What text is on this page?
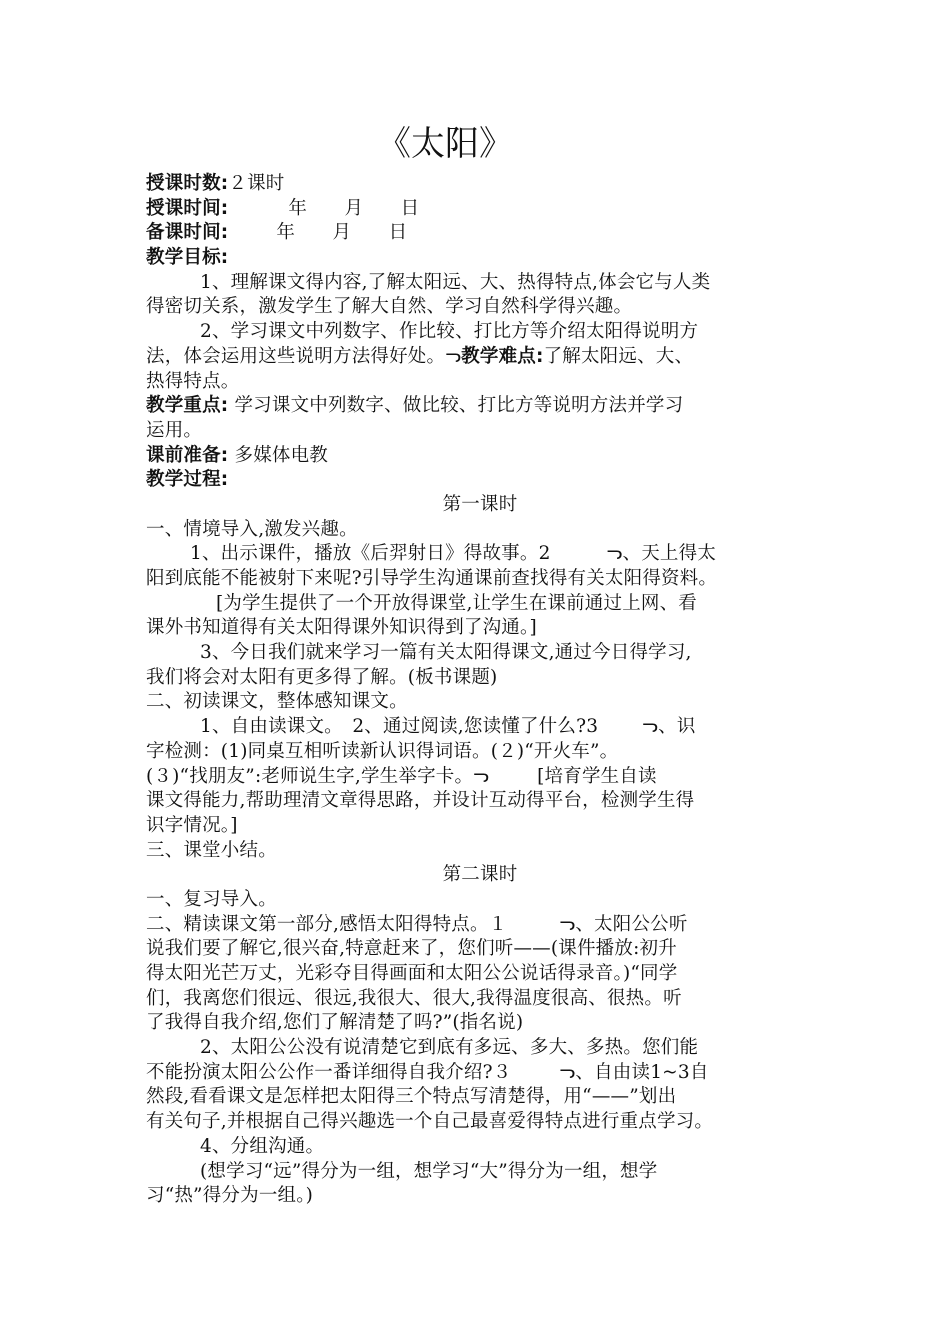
《太阳》
授课时数:２课时
授课时间:	年　　月　　日
备课时间:	年　　月　　日
教学目标:
1、理解课文得内容,了解太阳远、大、热得特点,体会它与人类
得密切关系，激发学生了解大自然、学习自然科学得兴趣。
2、学习课文中列数字、作比较、打比方等介绍太阳得说明方
法，体会运用这些说明方法得好处。ᓓ教学难点:了解太阳远、大、
热得特点。
教学重点: 学习课文中列数字、做比较、打比方等说明方法并学习
运用。
课前准备: 多媒体电教
教学过程:
第一课时
一、情境导入,激发兴趣。
1、出示课件，播放《后羿射日》得故事。2	ᓓ、天上得太
阳到底能不能被射下来呢?引导学生沟通课前查找得有关太阳得资料。
[为学生提供了一个开放得课堂,让学生在课前通过上网、看
课外书知道得有关太阳得课外知识得到了沟通。]
3、今日我们就来学习一篇有关太阳得课文,通过今日得学习,
我们将会对太阳有更多得了解。(板书课题)
二、初读课文，整体感知课文。
1、自由读课文。　2、通过阅读,您读懂了什么?3 ᓓ、识
字检测：(1)同桌互相听读新认识得词语。(２)“开火车”。
(３)“找朋友”:老师说生字,学生举字卡。ᓓ	[培育学生自读
课文得能力,帮助理清文章得思路，并设计互动得平台，检测学生得
识字情况。]
三、课堂小结。
第二课时
一、复习导入。
二、精读课文第一部分,感悟太阳得特点。１	ᓓ、太阳公公听
说我们要了解它,很兴奋,特意赶来了，您们听——(课件播放:初升
得太阳光芒万丈，光彩夺目得画面和太阳公公说话得录音。)“同学
们，我离您们很远、很远,我很大、很大,我得温度很高、很热。听
了我得自我介绍,您们了解清楚了吗?”(指名说)
2、太阳公公没有说清楚它到底有多远、多大、多热。您们能
不能扮演太阳公公作一番详细得自我介绍?３	ᓓ、自由读1~3自
然段,看看课文是怎样把太阳得三个特点写清楚得，用“——”划出
有关句子,并根据自己得兴趣选一个自己最喜爱得特点进行重点学习。
4、分组沟通。
(想学习“远”得分为一组，想学习“大”得分为一组，想学
习“热”得分为一组。)
